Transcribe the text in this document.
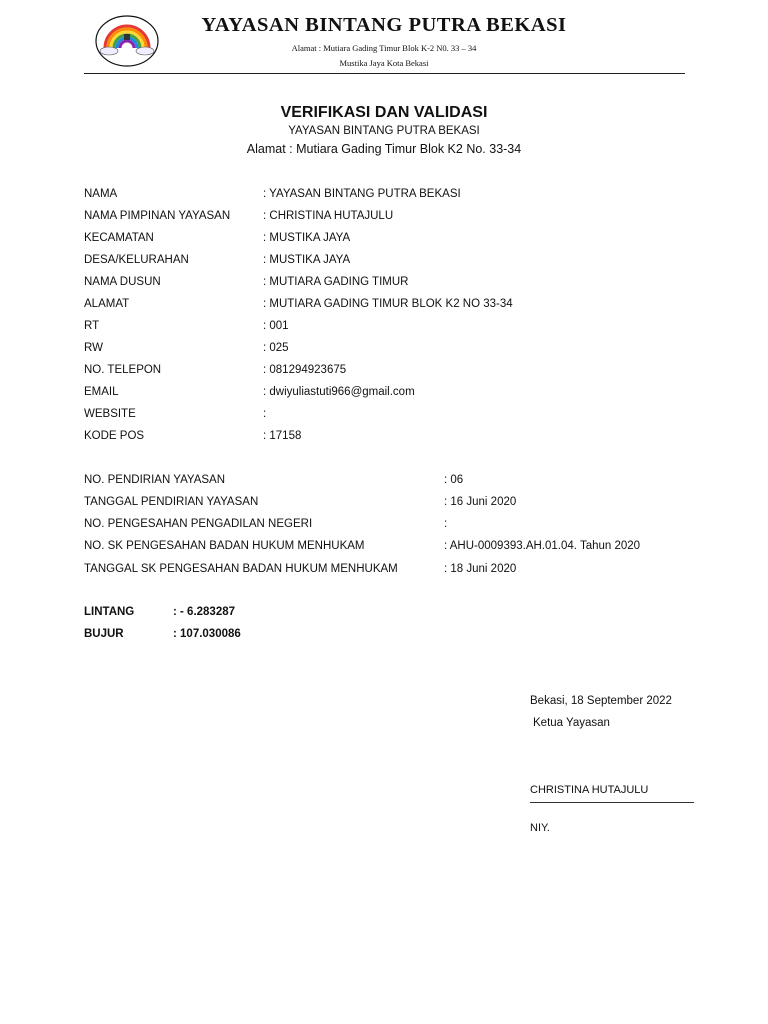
YAYASAN BINTANG PUTRA BEKASI
Alamat : Mutiara Gading Timur Blok K-2 N0. 33 – 34
Mustika Jaya Kota Bekasi
VERIFIKASI DAN VALIDASI
YAYASAN BINTANG PUTRA BEKASI
Alamat : Mutiara Gading Timur Blok K2 No. 33-34
NAMA	: YAYASAN BINTANG PUTRA BEKASI
NAMA PIMPINAN YAYASAN	: CHRISTINA HUTAJULU
KECAMATAN	: MUSTIKA JAYA
DESA/KELURAHAN	: MUSTIKA JAYA
NAMA DUSUN	: MUTIARA GADING TIMUR
ALAMAT	: MUTIARA GADING TIMUR BLOK K2 NO 33-34
RT	: 001
RW	: 025
NO. TELEPON	: 081294923675
EMAIL	: dwiyuliastuti966@gmail.com
WEBSITE	:
KODE POS	: 17158
NO. PENDIRIAN YAYASAN	: 06
TANGGAL PENDIRIAN YAYASAN	: 16 Juni 2020
NO. PENGESAHAN PENGADILAN NEGERI	:
NO. SK PENGESAHAN BADAN HUKUM MENHUKAM	: AHU-0009393.AH.01.04. Tahun 2020
TANGGAL SK PENGESAHAN BADAN HUKUM MENHUKAM	: 18 Juni 2020
LINTANG	: - 6.283287
BUJUR	: 107.030086
Bekasi, 18 September 2022
Ketua Yayasan
CHRISTINA HUTAJULU
NIY.
